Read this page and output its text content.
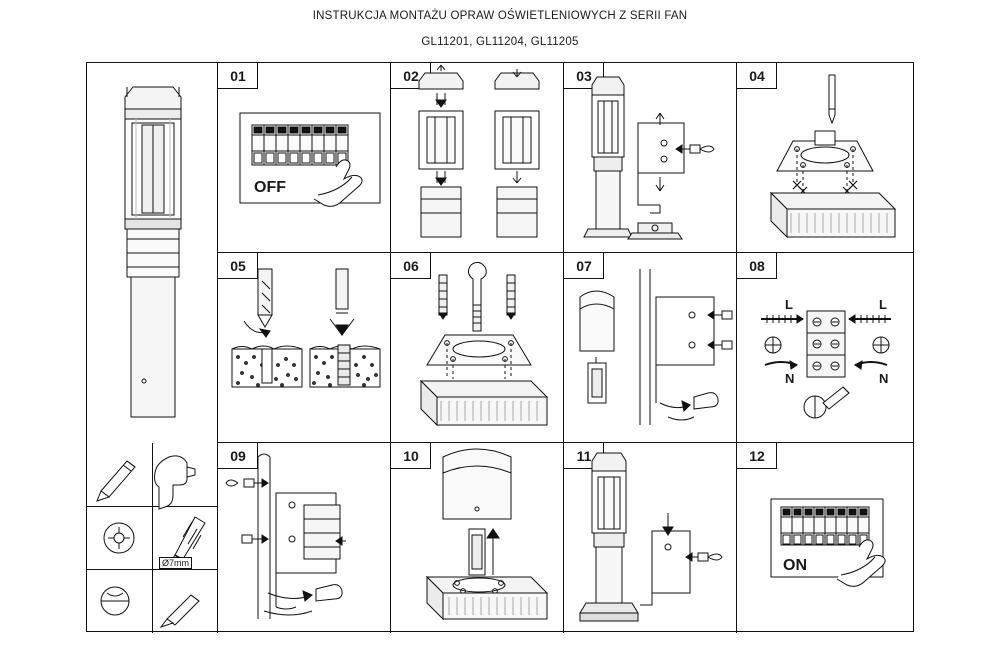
INSTRUKCJA MONTAŻU OPRAW OŚWIETLENIOWYCH Z SERII FAN
GL11201, GL11204, GL11205
.
Ø7mm
01
OFF
02	03	04
05	06	07	08
L	L
N	N
09	10	11	12
ON
